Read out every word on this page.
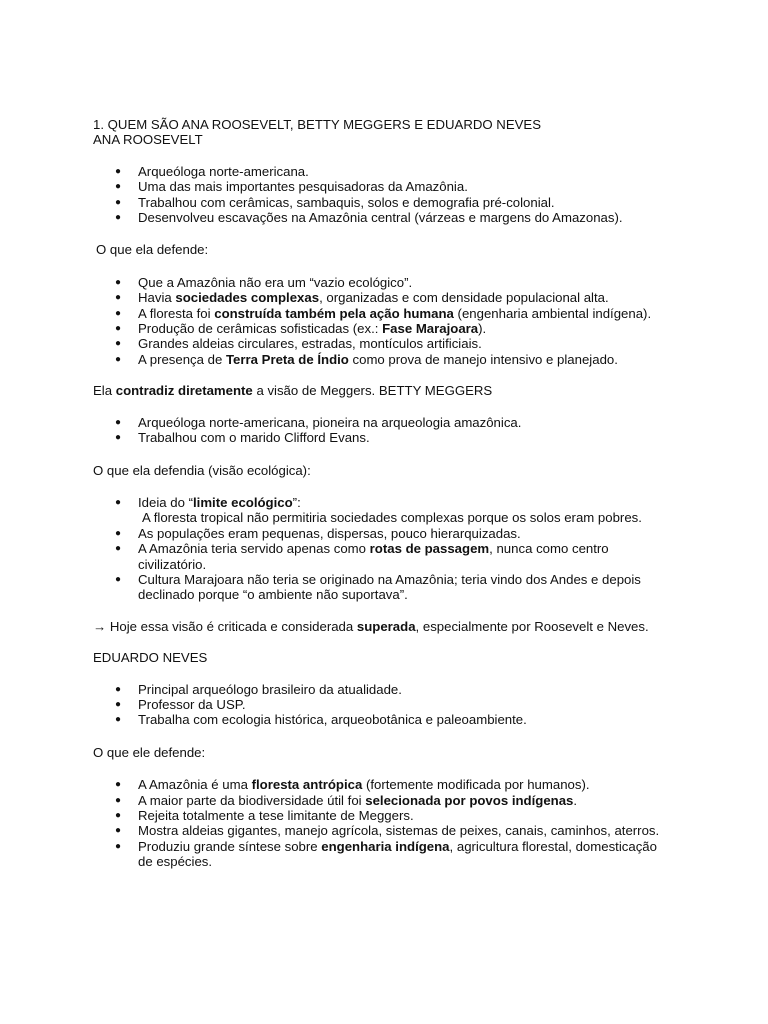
1. QUEM SÃO ANA ROOSEVELT, BETTY MEGGERS E EDUARDO NEVES

ANA ROOSEVELT

● Arqueóloga norte-americana.
● Uma das mais importantes pesquisadoras da Amazônia.
● Trabalhou com cerâmicas, sambaquis, solos e demografia pré-colonial.
● Desenvolveu escavações na Amazônia central (várzeas e margens do Amazonas).

O que ela defende:

● Que a Amazônia não era um “vazio ecológico”.
● Havia sociedades complexas, organizadas e com densidade populacional alta.
● A floresta foi construída também pela ação humana (engenharia ambiental indígena).
● Produção de cerâmicas sofisticadas (ex.: Fase Marajoara).
● Grandes aldeias circulares, estradas, montículos artificiais.
● A presença de Terra Preta de Índio como prova de manejo intensivo e planejado.

Ela contradiz diretamente a visão de Meggers. BETTY MEGGERS

● Arqueóloga norte-americana, pioneira na arqueologia amazônica.
● Trabalhou com o marido Clifford Evans.

O que ela defendia (visão ecológica):

● Ideia do “limite ecológico”:
A floresta tropical não permitiria sociedades complexas porque os solos eram pobres.
● As populações eram pequenas, dispersas, pouco hierarquizadas.
● A Amazônia teria servido apenas como rotas de passagem, nunca como centro civilizatório.
● Cultura Marajoara não teria se originado na Amazônia; teria vindo dos Andes e depois declinado porque “o ambiente não suportava”.

→ Hoje essa visão é criticada e considerada superada, especialmente por Roosevelt e Neves.

EDUARDO NEVES

● Principal arqueólogo brasileiro da atualidade.
● Professor da USP.
● Trabalha com ecologia histórica, arqueobotânica e paleoambiente.

O que ele defende:

● A Amazônia é uma floresta antrópica (fortemente modificada por humanos).
● A maior parte da biodiversidade útil foi selecionada por povos indígenas.
● Rejeita totalmente a tese limitante de Meggers.
● Mostra aldeias gigantes, manejo agrícola, sistemas de peixes, canais, caminhos, aterros.
● Produziu grande síntese sobre engenharia indígena, agricultura florestal, domesticação de espécies.
